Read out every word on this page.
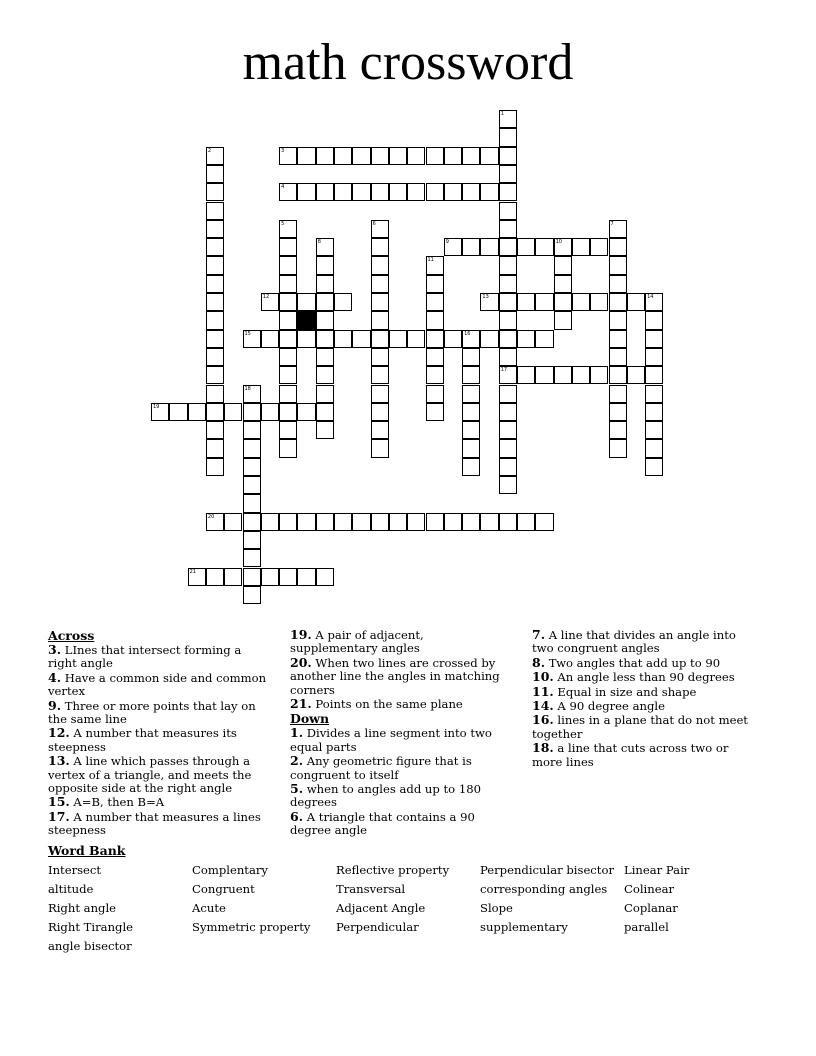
math crossword
1
17
2
5	6	7
8	10
11
14
16
18
3
4
9
12	13
15
19
20
21
Across
3. LInes that intersect forming a right angle
4. Have a common side and common vertex
9. Three or more points that lay on the same line
12. A number that measures its steepness
13. A line which passes through a vertex of a triangle, and meets the opposite side at the right angle
15. A=B, then B=A
17. A number that measures a lines steepness
19. A pair of adjacent, supplementary angles
20. When two lines are crossed by another line the angles in matching corners
21. Points on the same plane
Down
1. Divides a line segment into two equal parts
2. Any geometric figure that is congruent to itself
5. when to angles add up to 180 degrees
6. A triangle that contains a 90 degree angle
7. A line that divides an angle into two congruent angles
8. Two angles that add up to 90
10. An angle less than 90 degrees
11. Equal in size and shape
14. A 90 degree angle
16. lines in a plane that do not meet together
18. a line that cuts across two or more lines
Word Bank
Intersect
altitude
Right angle
Right Tirangle
angle bisector
Complentary
Congruent
Acute
Symmetric property
Reflective property
Transversal
Adjacent Angle
Perpendicular
Perpendicular bisector
corresponding angles
Slope
supplementary
Linear Pair
Colinear
Coplanar
parallel
